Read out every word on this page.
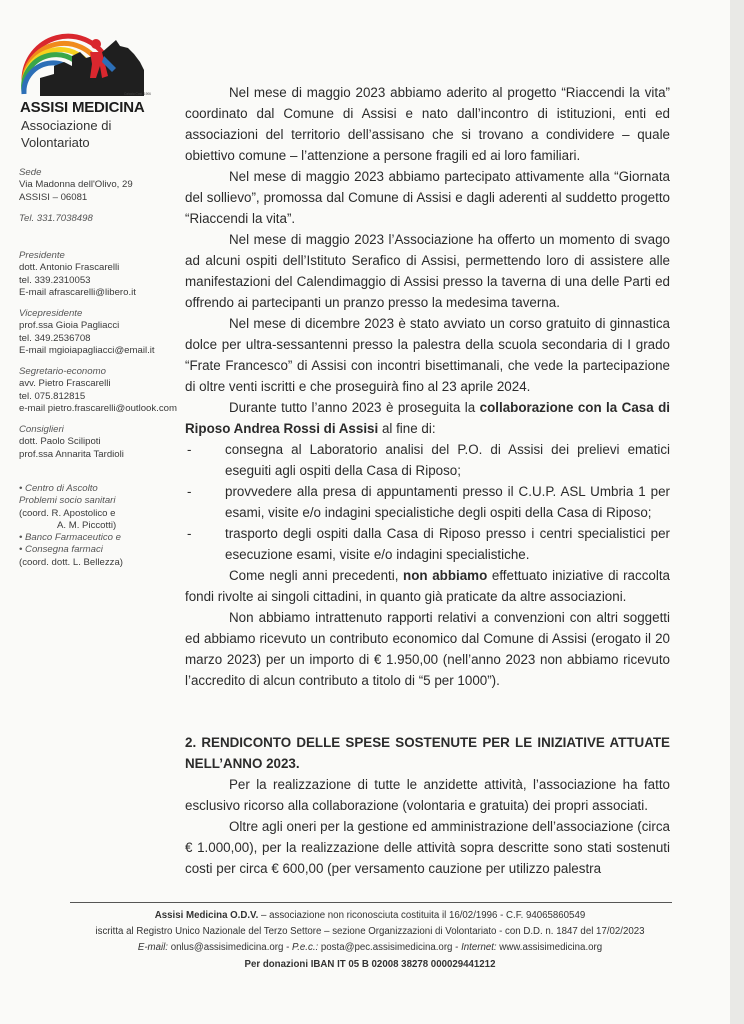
Calcolo Cost. 1906
ASSISI MEDICINA
Associazione di
Volontariato
Sede
Via Madonna dell'Olivo, 29
ASSISI – 06081
Tel. 331.7038498
Presidente
dott. Antonio Frascarelli
tel. 339.2310053
E-mail afrascarelli@libero.it
Vicepresidente
prof.ssa Gioia Pagliacci
tel. 349.2536708
E-mail mgioiapagliacci@email.it
Segretario-economo
avv. Pietro Frascarelli
tel. 075.812815
e-mail pietro.frascarelli@outlook.com
Consiglieri
dott. Paolo Scilipoti
prof.ssa Annarita Tardioli
• Centro di Ascolto
Problemi socio sanitari
(coord. R. Apostolico e
A. M. Piccotti)
• Banco Farmaceutico e
• Consegna farmaci
(coord. dott. L. Bellezza)

Nel mese di maggio 2023 abbiamo aderito al progetto “Riaccendi la vita” coordinato dal Comune di Assisi e nato dall’incontro di istituzioni, enti ed associazioni del territorio dell’assisano che si trovano a condividere – quale obiettivo comune – l’attenzione a persone fragili ed ai loro familiari.

Nel mese di maggio 2023 abbiamo partecipato attivamente alla “Giornata del sollievo”, promossa dal Comune di Assisi e dagli aderenti al suddetto progetto “Riaccendi la vita”.

Nel mese di maggio 2023 l’Associazione ha offerto un momento di svago ad alcuni ospiti dell’Istituto Serafico di Assisi, permettendo loro di assistere alle manifestazioni del Calendimaggio di Assisi presso la taverna di una delle Parti ed offrendo ai partecipanti un pranzo presso la medesima taverna.

Nel mese di dicembre 2023 è stato avviato un corso gratuito di ginnastica dolce per ultra-sessantenni presso la palestra della scuola secondaria di I grado “Frate Francesco” di Assisi con incontri bisettimanali, che vede la partecipazione di oltre venti iscritti e che proseguirà fino al 23 aprile 2024.

Durante tutto l’anno 2023 è proseguita la collaborazione con la Casa di Riposo Andrea Rossi di Assisi al fine di:

- consegna al Laboratorio analisi del P.O. di Assisi dei prelievi ematici eseguiti agli ospiti della Casa di Riposo;
- provvedere alla presa di appuntamenti presso il C.U.P. ASL Umbria 1 per esami, visite e/o indagini specialistiche degli ospiti della Casa di Riposo;
- trasporto degli ospiti dalla Casa di Riposo presso i centri specialistici per esecuzione esami, visite e/o indagini specialistiche.

Come negli anni precedenti, non abbiamo effettuato iniziative di raccolta fondi rivolte ai singoli cittadini, in quanto già praticate da altre associazioni.

Non abbiamo intrattenuto rapporti relativi a convenzioni con altri soggetti ed abbiamo ricevuto un contributo economico dal Comune di Assisi (erogato il 20 marzo 2023) per un importo di € 1.950,00 (nell’anno 2023 non abbiamo ricevuto l’accredito di alcun contributo a titolo di “5 per 1000”).

2. RENDICONTO DELLE SPESE SOSTENUTE PER LE INIZIATIVE ATTUATE NELL’ANNO 2023.

Per la realizzazione di tutte le anzidette attività, l’associazione ha fatto esclusivo ricorso alla collaborazione (volontaria e gratuita) dei propri associati.

Oltre agli oneri per la gestione ed amministrazione dell’associazione (circa € 1.000,00), per la realizzazione delle attività sopra descritte sono stati sostenuti costi per circa € 600,00 (per versamento cauzione per utilizzo palestra

Assisi Medicina O.D.V. – associazione non riconosciuta costituita il 16/02/1996 - C.F. 94065860549
iscritta al Registro Unico Nazionale del Terzo Settore – sezione Organizzazioni di Volontariato - con D.D. n. 1847 del 17/02/2023
E-mail: onlus@assisimedicina.org - P.e.c.: posta@pec.assisimedicina.org - Internet: www.assisimedicina.org
Per donazioni IBAN IT 05 B 02008 38278 000029441212
